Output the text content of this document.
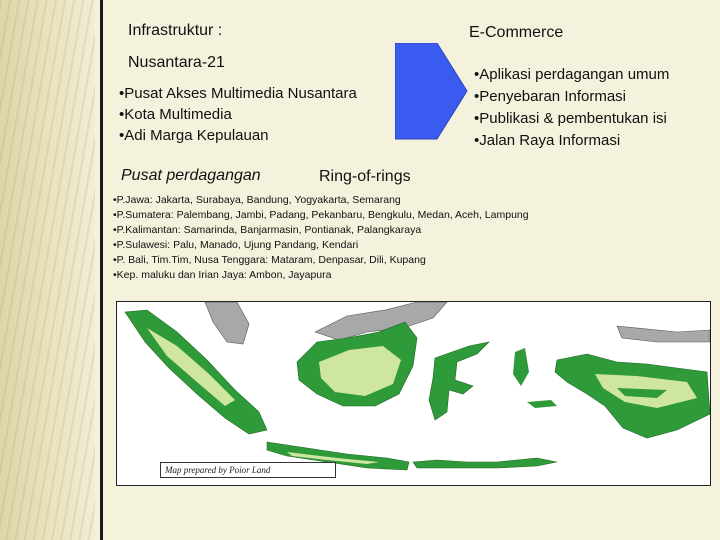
Infrastruktur :	E-Commerce
Nusantara-21
•Pusat Akses Multimedia Nusantara
•Kota Multimedia
•Adi Marga Kepulauan
•Aplikasi perdagangan umum
•Penyebaran Informasi
•Publikasi & pembentukan isi
•Jalan Raya Informasi
Pusat perdagangan	Ring-of-rings
•P.Jawa: Jakarta, Surabaya, Bandung, Yogyakarta, Semarang
•P.Sumatera: Palembang, Jambi, Padang, Pekanbaru, Bengkulu, Medan, Aceh, Lampung
•P.Kalimantan: Samarinda, Banjarmasin, Pontianak, Palangkaraya
•P.Sulawesi: Palu, Manado, Ujung Pandang, Kendari
•P. Bali, Tim.Tim, Nusa Tenggara: Mataram, Denpasar, Dili, Kupang
•Kep. maluku dan Irian Jaya: Ambon, Jayapura
Map prepared by Poior Land
